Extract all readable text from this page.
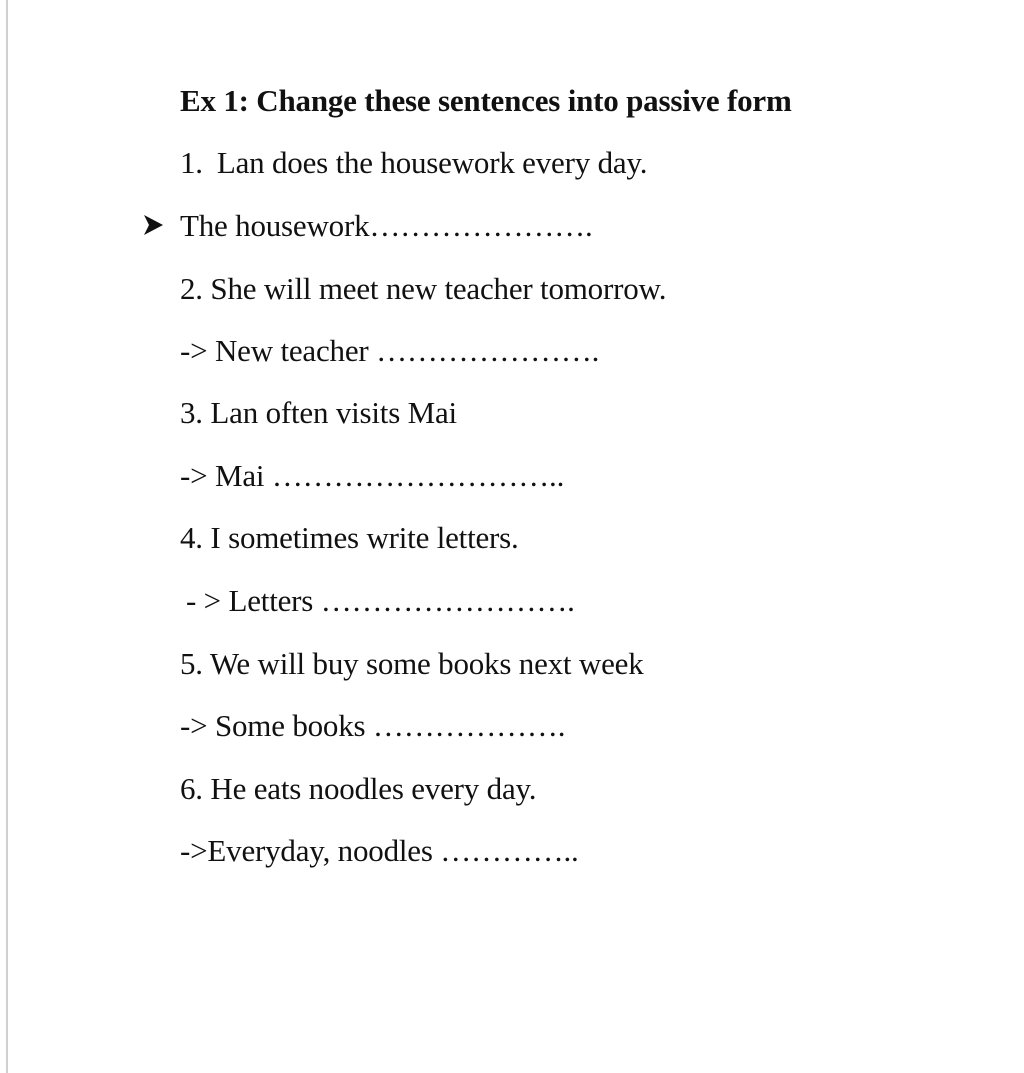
Ex 1: Change these sentences into passive form
1. Lan does the housework every day.
The housework………………….
2. She will meet new teacher tomorrow.
-> New teacher ………………….
3. Lan often visits Mai
-> Mai ………………………..
4. I sometimes write letters.
- > Letters …………………….
5. We will buy some books next week
-> Some books ……………….
6. He eats noodles every day.
->Everyday, noodles …………..
